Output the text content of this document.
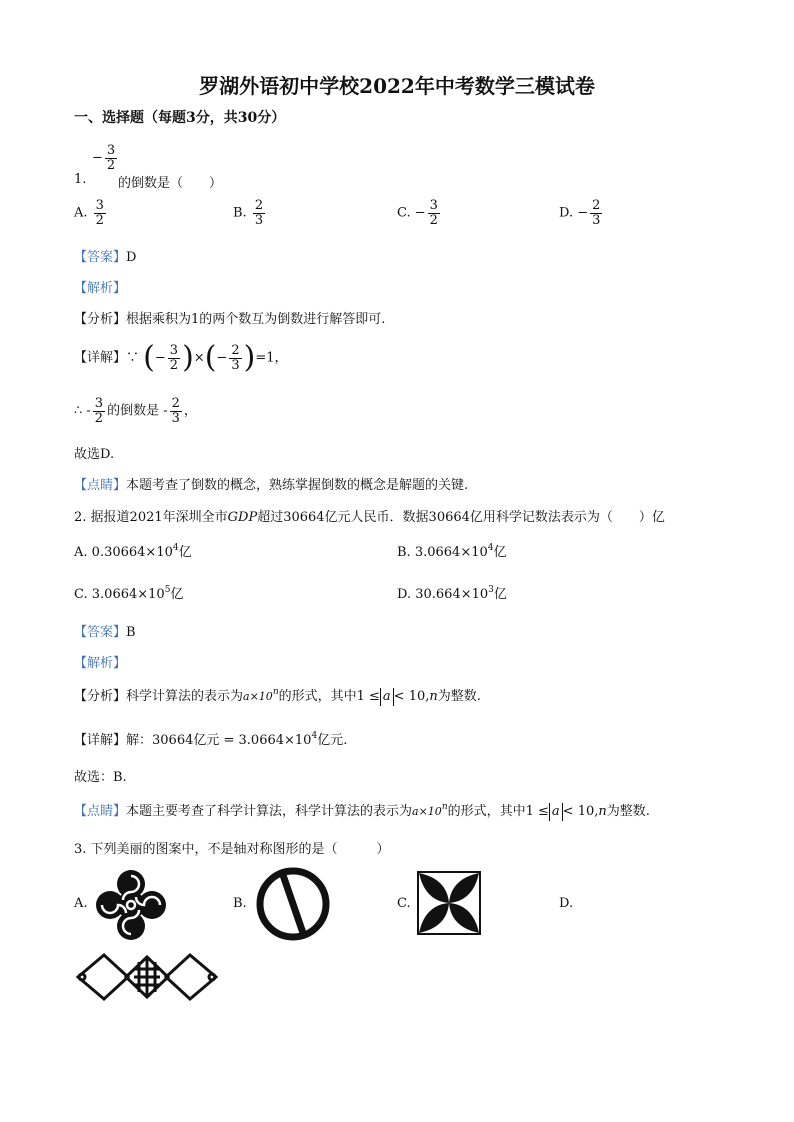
罗湖外语初中学校2022年中考数学三模试卷
一、选择题（每题3分，共30分）
− $\frac{3}{2}$
1. 的倒数是（　　）
A. $\frac{3}{2}$	B. $\frac{2}{3}$	C. − $\frac{3}{2}$	D. − $\frac{2}{3}$
【答案】D
【解析】
【分析】根据乘积为1的两个数互为倒数进行解答即可.
【详解】∵ (− $\frac{3}{2}$ )×(− $\frac{2}{3} )=1$，
∴ - $\frac{3}{2}$ 的倒数是 - $\frac{2}{3}$ ，
故选D.
【点睛】本题考查了倒数的概念，熟练掌握倒数的概念是解题的关键.
2. 据报道2021年深圳全市GDP超过30664亿元人民币．数据30664亿用科学记数法表示为（　　）亿
A. $0.30664\times 10^4$亿	B. $3.0664\times 10^4$亿
C. $3.0664\times 10^5$亿	D. $30.664\times 10^3$亿
【答案】B
【解析】
【分析】科学计算法的表示为$a\times 10^n$的形式，其中1 ≤ a < 10,n为整数.
【详解】解：30664亿元 = $3.0664\times 10^4$亿元.
故选：B.
【点睛】本题主要考查了科学计算法，科学计算法的表示为$a\times 10^n$的形式，其中1 ≤ a < 10,n为整数.
3. 下列美丽的图案中，不是轴对称图形的是（　　　）
A.	B.	C.	D.
